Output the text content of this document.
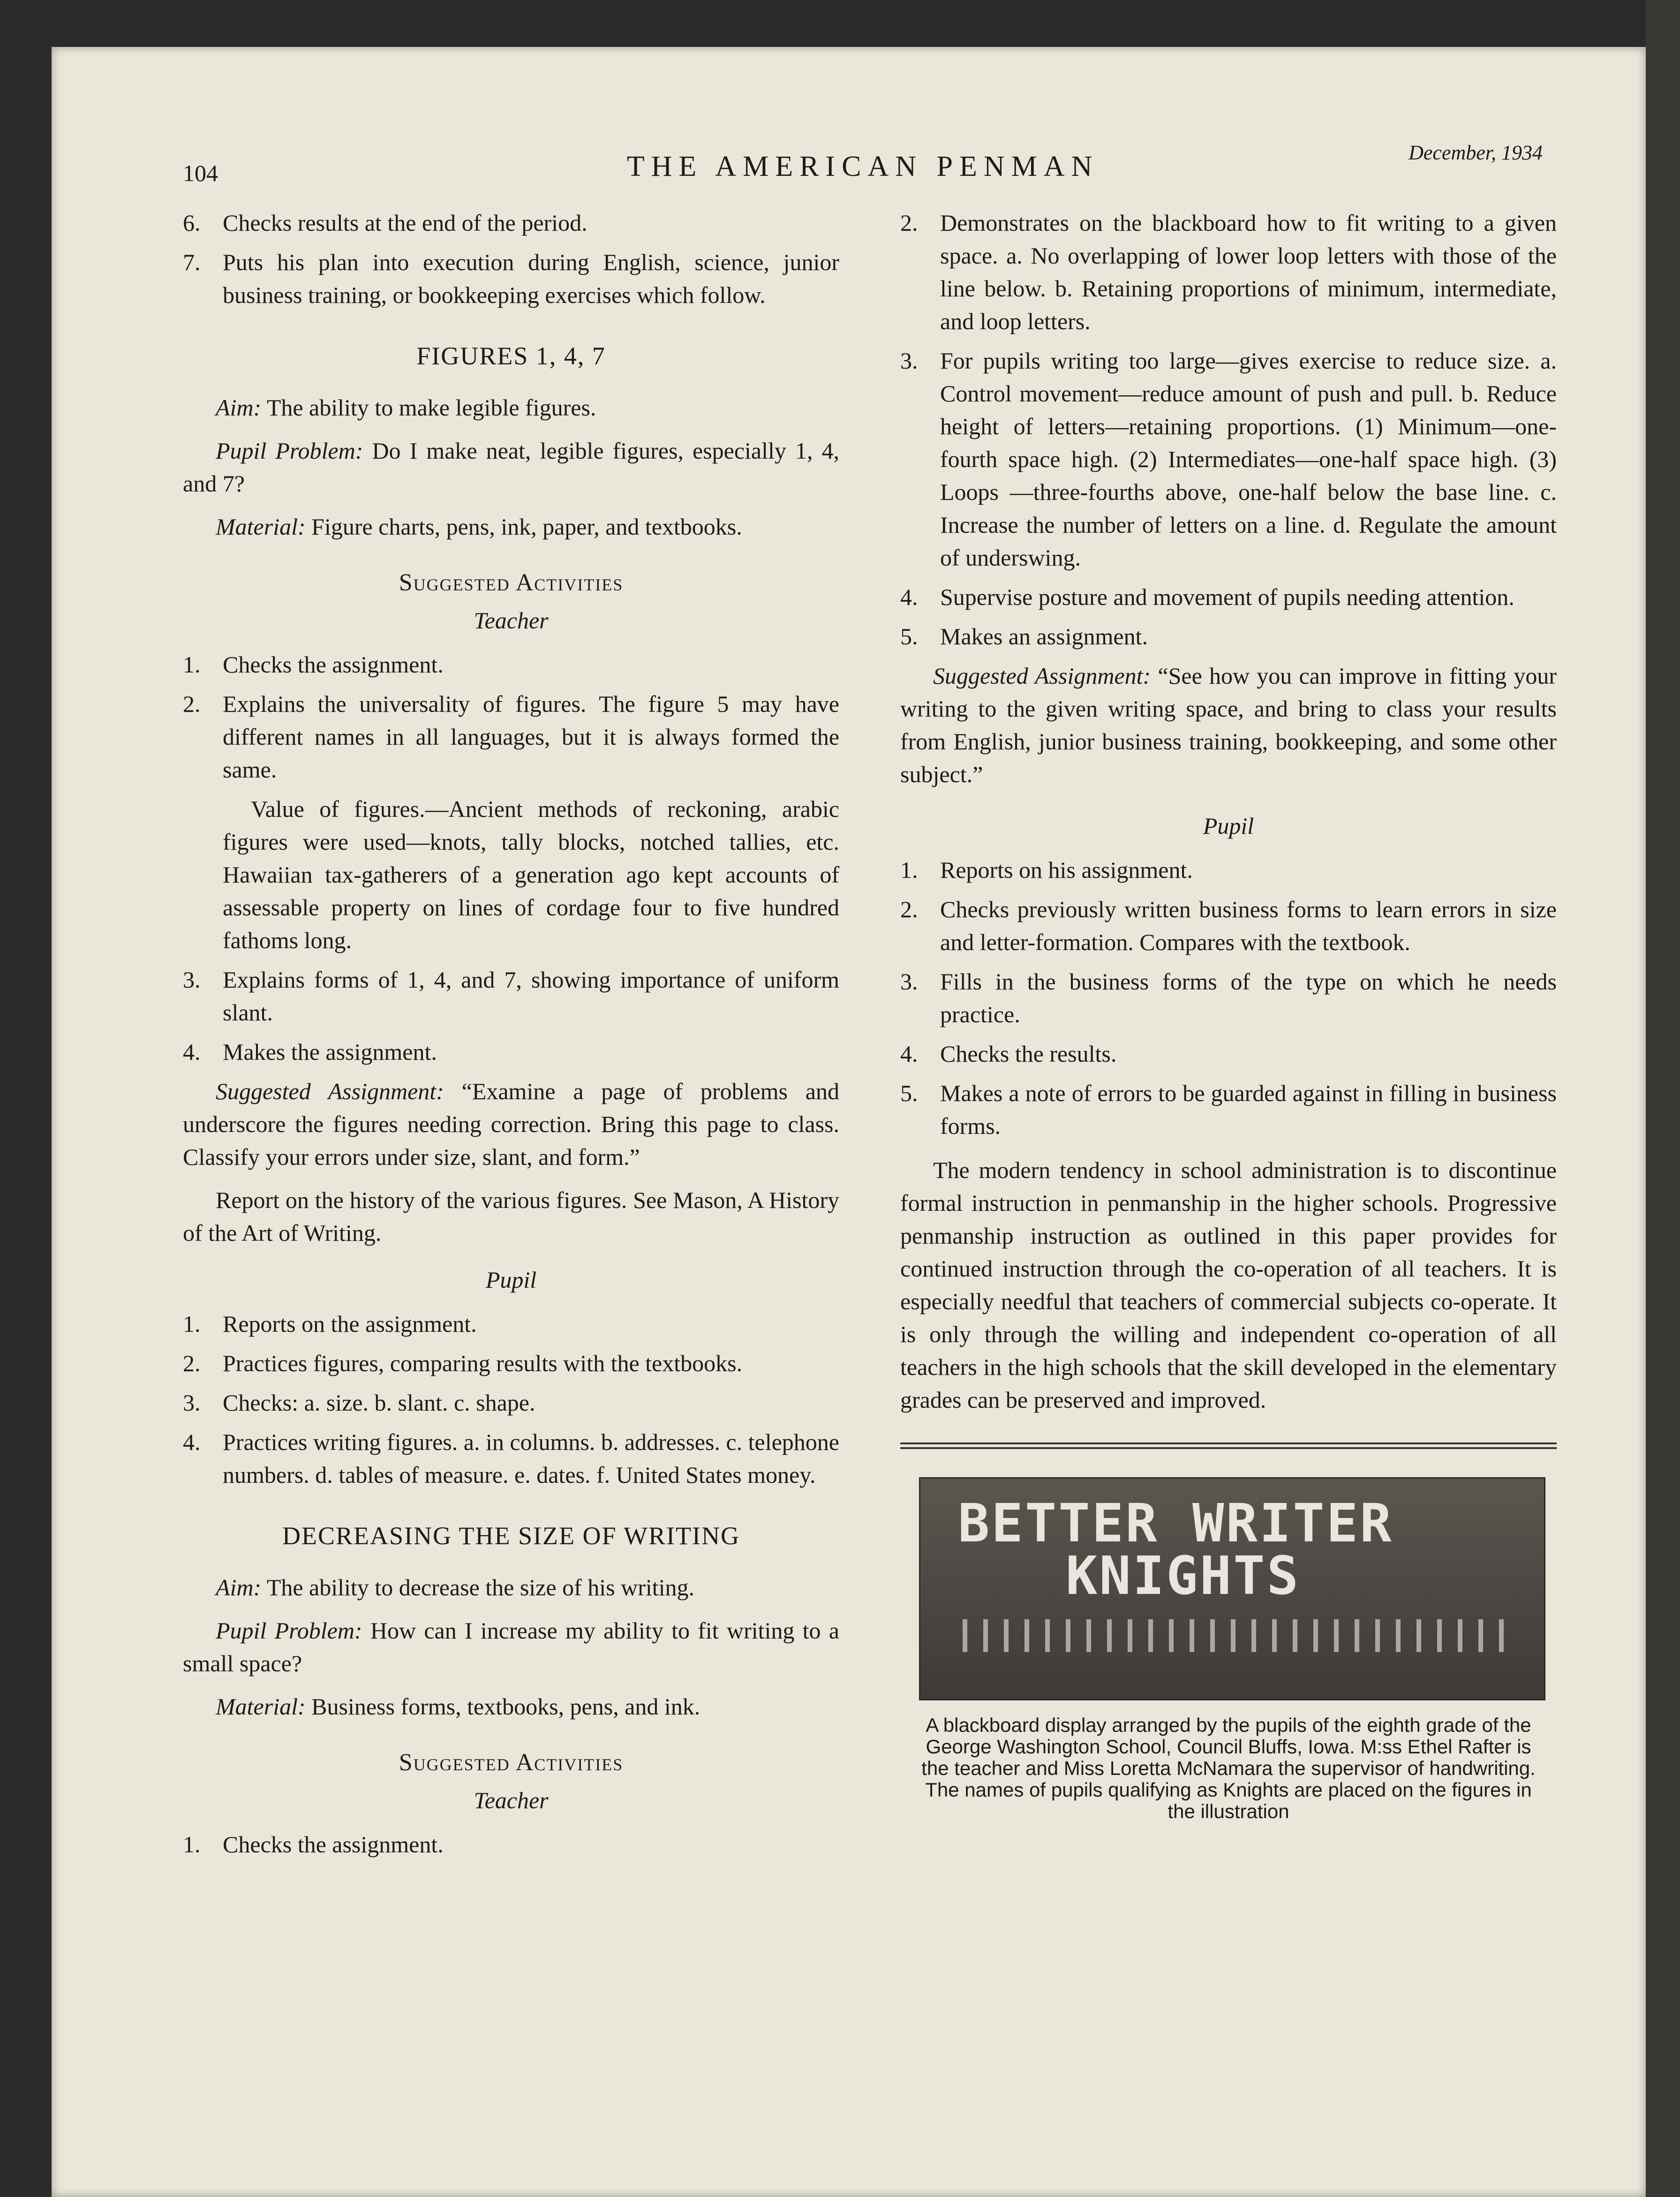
104	THE AMERICAN PENMAN	December, 1934
6. Checks results at the end of the period.
7. Puts his plan into execution during English, science, junior business training, or bookkeeping exercises which follow.
FIGURES 1, 4, 7

Aim: The ability to make legible figures.

Pupil Problem: Do I make neat, legible figures, especially 1, 4, and 7?

Material: Figure charts, pens, ink, paper, and textbooks.

Suggested Activities
Teacher
1. Checks the assignment.
2. Explains the universality of figures. The figure 5 may have different names in all languages, but it is always formed the same.
Value of figures.—Ancient methods of reckoning, arabic figures were used—knots, tally blocks, notched tallies, etc. Hawaiian tax-gatherers of a generation ago kept accounts of assessable property on lines of cordage four to five hundred fathoms long.
3. Explains forms of 1, 4, and 7, showing importance of uniform slant.
4. Makes the assignment.

Suggested Assignment: “Examine a page of problems and underscore the figures needing correction. Bring this page to class. Classify your errors under size, slant, and form.”

Report on the history of the various figures. See Mason, A History of the Art of Writing.

Pupil
1. Reports on the assignment.
2. Practices figures, comparing results with the textbooks.
3. Checks: a. size. b. slant. c. shape.
4. Practices writing figures. a. in columns. b. addresses. c. telephone numbers. d. tables of measure. e. dates. f. United States money.
DECREASING THE SIZE OF WRITING

Aim: The ability to decrease the size of his writing.

Pupil Problem: How can I increase my ability to fit writing to a small space?

Material: Business forms, textbooks, pens, and ink.

Suggested Activities
Teacher
1. Checks the assignment.
2. Demonstrates on the blackboard how to fit writing to a given space. a. No overlapping of lower loop letters with those of the line below. b. Retaining proportions of minimum, intermediate, and loop letters.
3. For pupils writing too large—gives exercise to reduce size. a. Control movement—reduce amount of push and pull. b. Reduce height of letters—retaining proportions. (1) Minimum—one-fourth space high. (2) Intermediates—one-half space high. (3) Loops —three-fourths above, one-half below the base line. c. Increase the number of letters on a line. d. Regulate the amount of underswing.
4. Supervise posture and movement of pupils needing attention.
5. Makes an assignment.

Suggested Assignment: “See how you can improve in fitting your writing to the given writing space, and bring to class your results from English, junior business training, bookkeeping, and some other subject.”

Pupil
1. Reports on his assignment.
2. Checks previously written business forms to learn errors in size and letter-formation. Compares with the textbook.
3. Fills in the business forms of the type on which he needs practice.
4. Checks the results.
5. Makes a note of errors to be guarded against in filling in business forms.

The modern tendency in school administration is to discontinue formal instruction in penmanship in the higher schools. Progressive penmanship instruction as outlined in this paper provides for continued instruction through the co-operation of all teachers. It is especially needful that teachers of commercial subjects co-operate. It is only through the willing and independent co-operation of all teachers in the high schools that the skill developed in the elementary grades can be preserved and improved.

BETTER WRITER
KNIGHTS
A blackboard display arranged by the pupils of the eighth grade of the George Washington School, Council Bluffs, Iowa. M:ss Ethel Rafter is the teacher and Miss Loretta McNamara the supervisor of handwriting. The names of pupils qualifying as Knights are placed on the figures in the illustration
